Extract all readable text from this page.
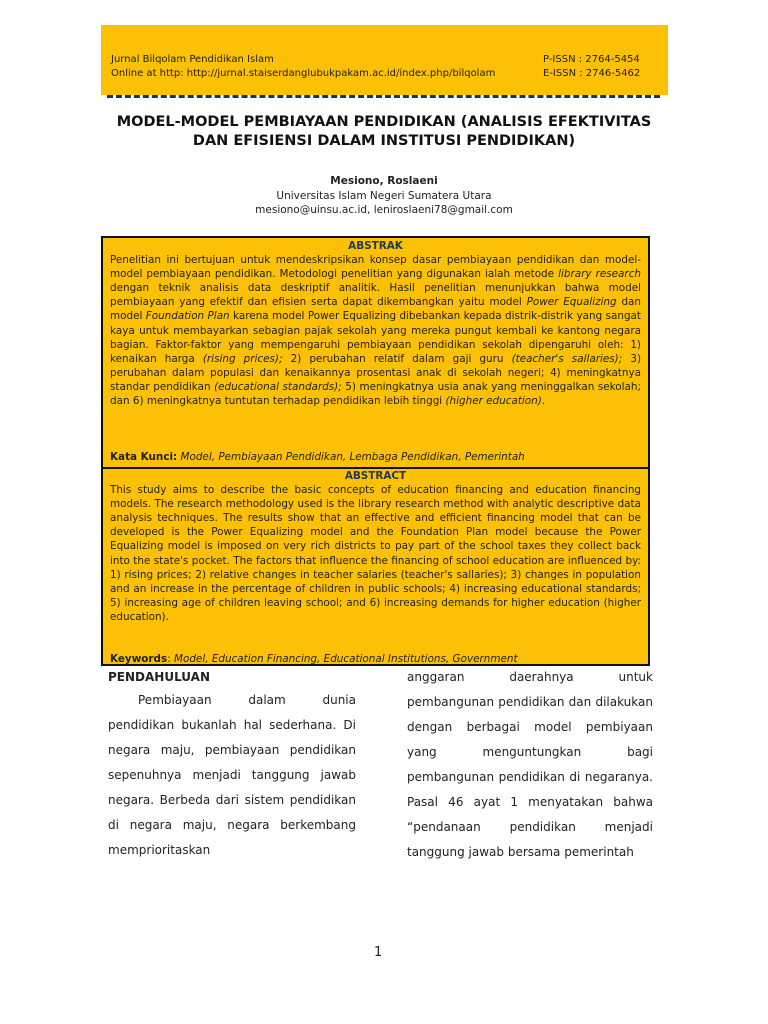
Jurnal Bilqolam Pendidikan Islam
Online at http: http://jurnal.staiserdanglubukpakam.ac.id/index.php/bilqolam
P-ISSN : 2764-5454
E-ISSN : 2746-5462
MODEL-MODEL PEMBIAYAAN PENDIDIKAN (ANALISIS EFEKTIVITAS DAN EFISIENSI DALAM INSTITUSI PENDIDIKAN)
Mesiono, Roslaeni
Universitas Islam Negeri Sumatera Utara
mesiono@uinsu.ac.id, leniroslaeni78@gmail.com
ABSTRAK
Penelitian ini bertujuan untuk mendeskripsikan konsep dasar pembiayaan pendidikan dan model-model pembiayaan pendidikan. Metodologi penelitian yang digunakan ialah metode library research dengan teknik analisis data deskriptif analitik. Hasil penelitian menunjukkan bahwa model pembiayaan yang efektif dan efisien serta dapat dikembangkan yaitu model Power Equalizing dan model Foundation Plan karena model Power Equalizing dibebankan kepada distrik-distrik yang sangat kaya untuk membayarkan sebagian pajak sekolah yang mereka pungut kembali ke kantong negara bagian. Faktor-faktor yang mempengaruhi pembiayaan pendidikan sekolah dipengaruhi oleh: 1) kenaikan harga (rising prices); 2) perubahan relatif dalam gaji guru (teacher's sallaries); 3) perubahan dalam populasi dan kenaikannya prosentasi anak di sekolah negeri; 4) meningkatnya standar pendidikan (educational standards); 5) meningkatnya usia anak yang meninggalkan sekolah; dan 6) meningkatnya tuntutan terhadap pendidikan lebih tinggi (higher education).
Kata Kunci: Model, Pembiayaan Pendidikan, Lembaga Pendidikan, Pemerintah
ABSTRACT
This study aims to describe the basic concepts of education financing and education financing models. The research methodology used is the library research method with analytic descriptive data analysis techniques. The results show that an effective and efficient financing model that can be developed is the Power Equalizing model and the Foundation Plan model because the Power Equalizing model is imposed on very rich districts to pay part of the school taxes they collect back into the state's pocket. The factors that influence the financing of school education are influenced by: 1) rising prices; 2) relative changes in teacher salaries (teacher's sallaries); 3) changes in population and an increase in the percentage of children in public schools; 4) increasing educational standards; 5) increasing age of children leaving school; and 6) increasing demands for higher education (higher education).
Keywords: Model, Education Financing, Educational Institutions, Government
PENDAHULUAN

Pembiayaan dalam dunia pendidikan bukanlah hal sederhana. Di negara maju, pembiayaan pendidikan sepenuhnya menjadi tanggung jawab negara. Berbeda dari sistem pendidikan di negara maju, negara berkembang memprioritaskan

anggaran daerahnya untuk pembangunan pendidikan dan dilakukan dengan berbagai model pembiyaan yang menguntungkan bagi pembangunan pendidikan di negaranya. Pasal 46 ayat 1 menyatakan bahwa “pendanaan pendidikan menjadi tanggung jawab bersama pemerintah

1
